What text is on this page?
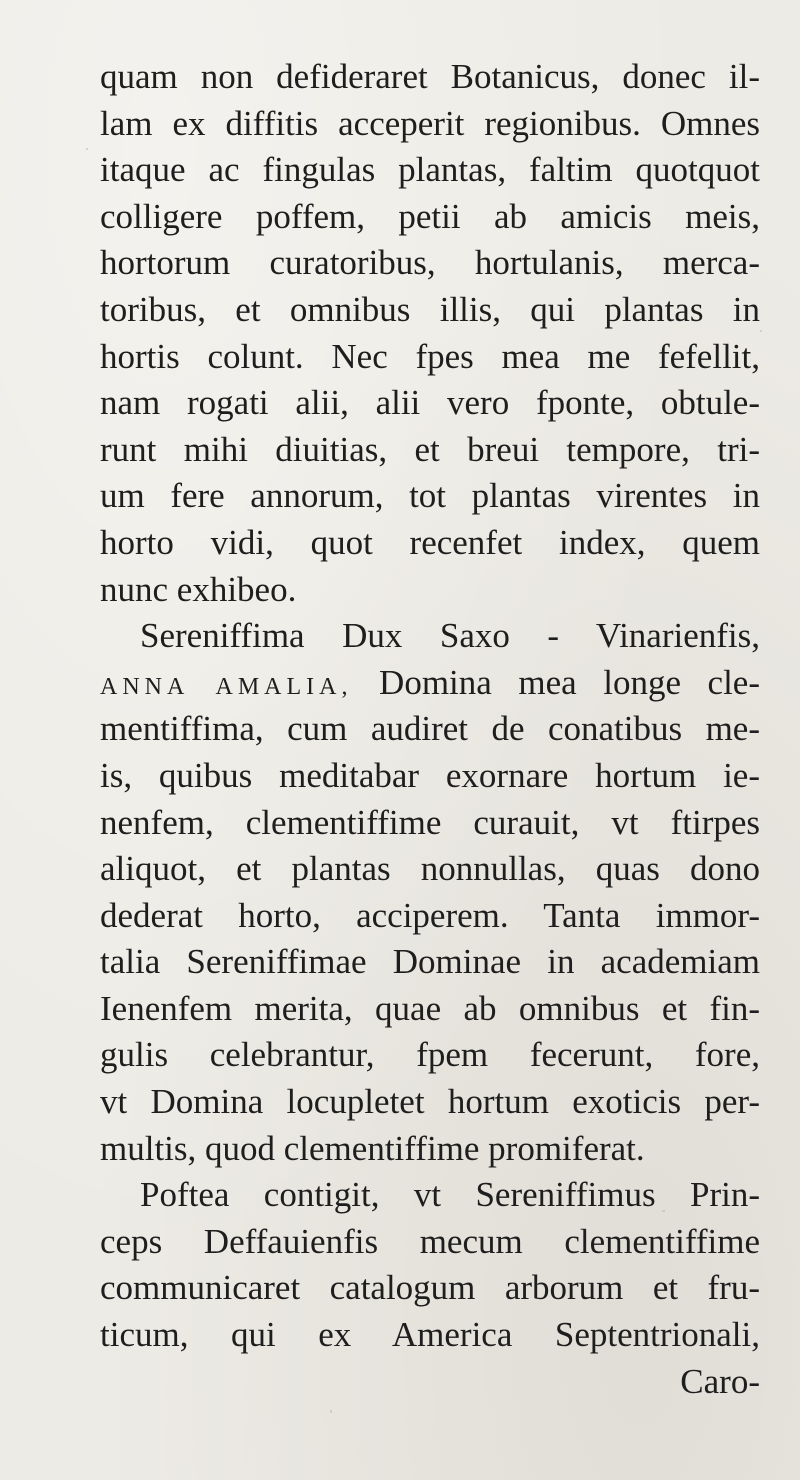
quam non defideraret Botanicus, donec il-
lam ex diffitis acceperit regionibus. Omnes
itaque ac fingulas plantas, faltim quotquot
colligere poffem, petii ab amicis meis,
hortorum curatoribus, hortulanis, merca-
toribus, et omnibus illis, qui plantas in
hortis colunt. Nec fpes mea me fefellit,
nam rogati alii, alii vero fponte, obtule-
runt mihi diuitias, et breui tempore, tri-
um fere annorum, tot plantas virentes in
horto vidi, quot recenfet index, quem
nunc exhibeo.
Sereniffima Dux Saxo - Vinarienfis,
ANNA AMALIA, Domina mea longe cle-
mentiffima, cum audiret de conatibus me-
is, quibus meditabar exornare hortum ie-
nenfem, clementiffime curauit, vt ftirpes
aliquot, et plantas nonnullas, quas dono
dederat horto, acciperem. Tanta immor-
talia Sereniffimae Dominae in academiam
Ienenfem merita, quae ab omnibus et fin-
gulis celebrantur, fpem fecerunt, fore,
vt Domina locupletet hortum exoticis per-
multis, quod clementiffime promiferat.
Poftea contigit, vt Sereniffimus Prin-
ceps Deffauienfis mecum clementiffime
communicaret catalogum arborum et fru-
ticum, qui ex America Septentrionali,
Caro-
